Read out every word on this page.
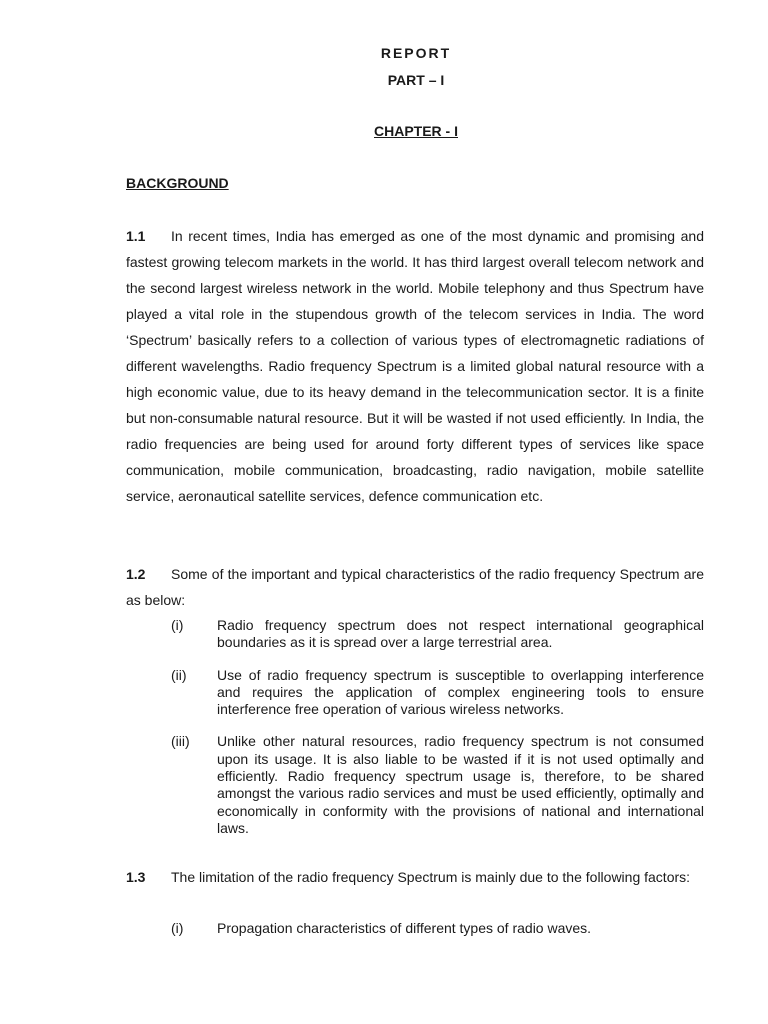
REPORT
PART – I
CHAPTER - I
BACKGROUND

1.1 In recent times, India has emerged as one of the most dynamic and promising and fastest growing telecom markets in the world. It has third largest overall telecom network and the second largest wireless network in the world. Mobile telephony and thus Spectrum have played a vital role in the stupendous growth of the telecom services in India. The word ‘Spectrum’ basically refers to a collection of various types of electromagnetic radiations of different wavelengths. Radio frequency Spectrum is a limited global natural resource with a high economic value, due to its heavy demand in the telecommunication sector. It is a finite but non-consumable natural resource. But it will be wasted if not used efficiently. In India, the radio frequencies are being used for around forty different types of services like space communication, mobile communication, broadcasting, radio navigation, mobile satellite service, aeronautical satellite services, defence communication etc.

1.2 Some of the important and typical characteristics of the radio frequency Spectrum are as below:

(i)	Radio frequency spectrum does not respect international geographical boundaries as it is spread over a large terrestrial area.
(ii)	Use of radio frequency spectrum is susceptible to overlapping interference and requires the application of complex engineering tools to ensure interference free operation of various wireless networks.
(iii)	Unlike other natural resources, radio frequency spectrum is not consumed upon its usage. It is also liable to be wasted if it is not used optimally and efficiently. Radio frequency spectrum usage is, therefore, to be shared amongst the various radio services and must be used efficiently, optimally and economically in conformity with the provisions of national and international laws.

1.3 The limitation of the radio frequency Spectrum is mainly due to the following factors:

(i)	Propagation characteristics of different types of radio waves.
